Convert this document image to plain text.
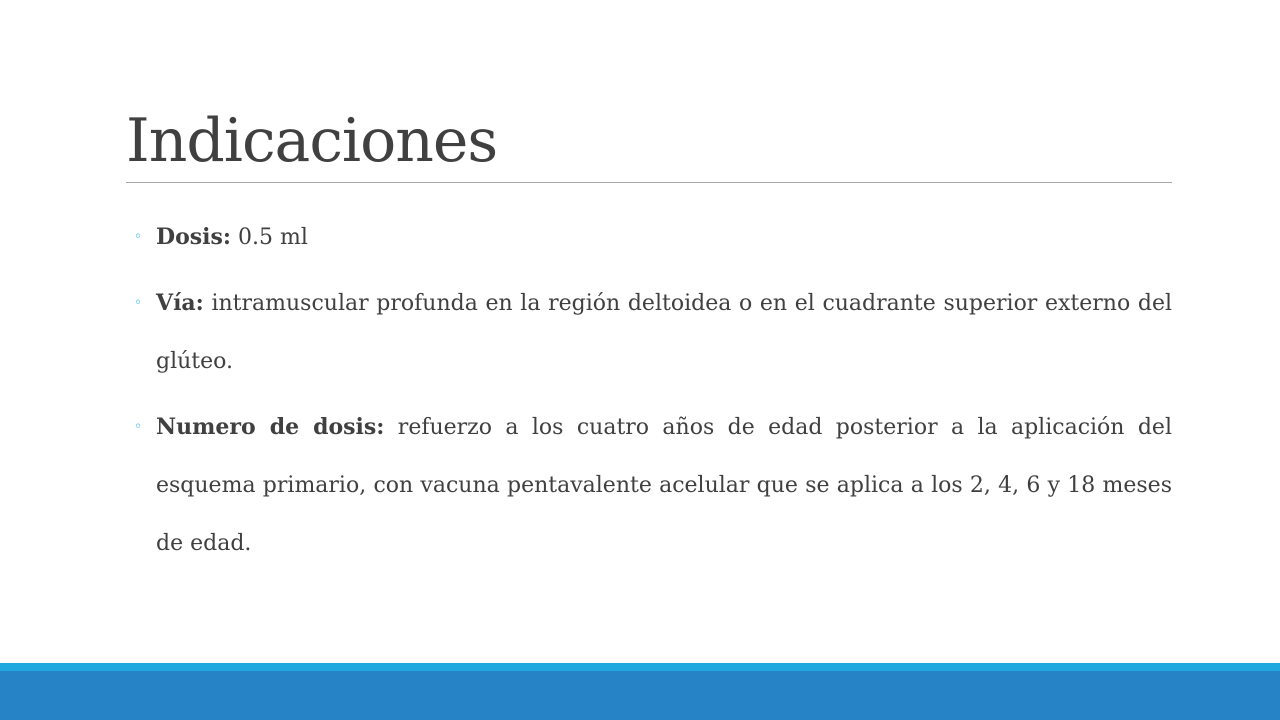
Indicaciones
◦ Dosis: 0.5 ml
◦ Vía: intramuscular profunda en la región deltoidea o en el cuadrante superior externo del glúteo.
◦ Numero de dosis: refuerzo a los cuatro años de edad posterior a la aplicación del esquema primario, con vacuna pentavalente acelular que se aplica a los 2, 4, 6 y 18 meses de edad.
